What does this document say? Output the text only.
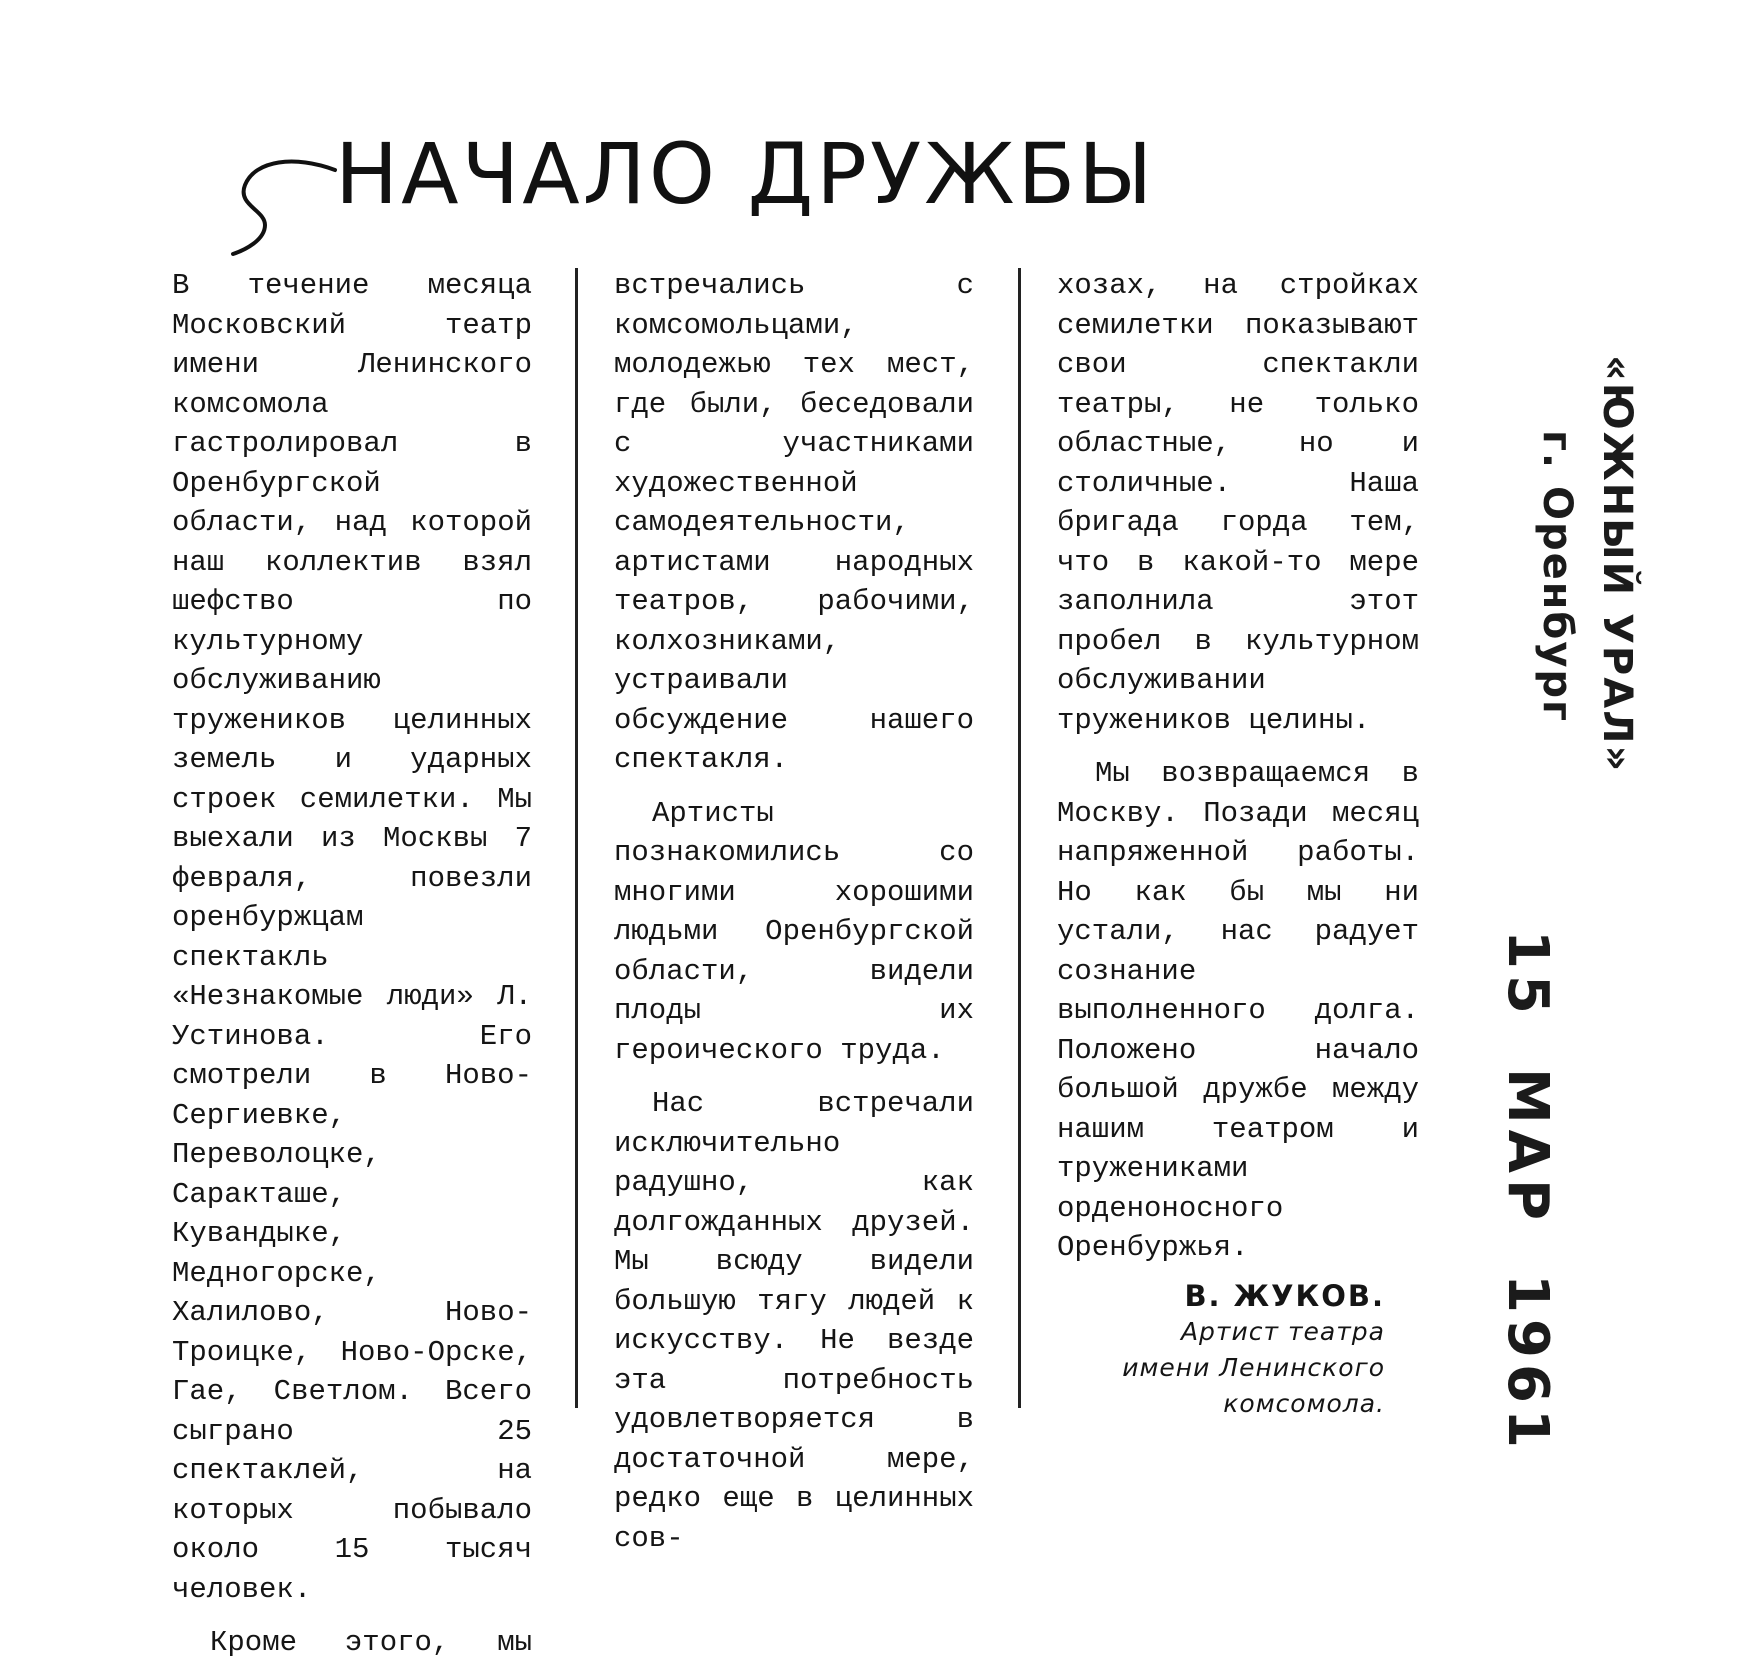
НАЧАЛО ДРУЖБЫ

В течение месяца Московский театр имени Ленинского комсомола гастролировал в Оренбургской области, над которой наш коллектив взял шефство по культурному обслуживанию тружеников целинных земель и ударных строек семилетки. Мы выехали из Москвы 7 февраля, повезли оренбуржцам спектакль «Незнакомые люди» Л. Устинова. Его смотрели в Ново-Сергиевке, Переволоцке, Саракташе, Кувандыке, Медногорске, Халилово, Ново-Троицке, Ново-Орске, Гае, Светлом. Всего сыграно 25 спектаклей, на которых побывало около 15 тысяч человек.

Кроме этого, мы

встречались с комсомольцами, молодежью тех мест, где были, беседовали с участниками художественной самодеятельности, артистами народных театров, рабочими, колхозниками, устраивали обсуждение нашего спектакля.

Артисты познакомились со многими хорошими людьми Оренбургской области, видели плоды их героического труда.

Нас встречали исключительно радушно, как долгожданных друзей. Мы всюду видели большую тягу людей к искусству. Не везде эта потребность удовлетворяется в достаточной мере, редко еще в целинных сов-

хозах, на стройках семилетки показывают свои спектакли театры, не только областные, но и столичные. Наша бригада горда тем, что в какой-то мере заполнила этот пробел в культурном обслуживании тружеников целины.

Мы возвращаемся в Москву. Позади месяц напряженной работы. Но как бы мы ни устали, нас радует сознание выполненного долга. Положено начало большой дружбе между нашим театром и тружениками орденоносного Оренбуржья.

В. ЖУКОВ.
Артист театра
имени Ленинского
комсомола.
«ЮЖНЫЙ УРАЛ»
г. Оренбург
15МАР1961
